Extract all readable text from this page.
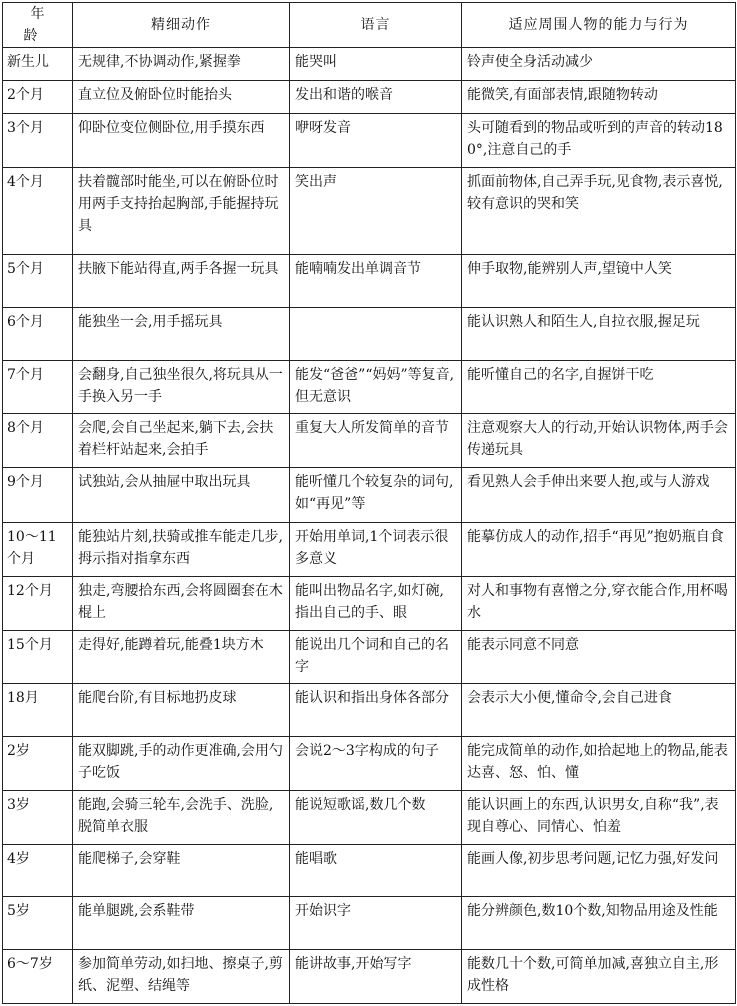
年龄	精细动作	语言	适应周围人物的能力与行为
新生儿	无规律,不协调动作,紧握拳	能哭叫	铃声使全身活动减少
2个月	直立位及俯卧位时能抬头	发出和谐的喉音	能微笑,有面部表情,跟随物转动
3个月	仰卧位变位侧卧位,用手摸东西	咿呀发音	头可随看到的物品或听到的声音的转动180°,注意自己的手
4个月	扶着髋部时能坐,可以在俯卧位时用两手支持抬起胸部,手能握持玩具	笑出声	抓面前物体,自己弄手玩,见食物,表示喜悦,较有意识的哭和笑
5个月	扶腋下能站得直,两手各握一玩具	能喃喃发出单调音节	伸手取物,能辨别人声,望镜中人笑
6个月	能独坐一会,用手摇玩具		能认识熟人和陌生人,自拉衣服,握足玩
7个月	会翻身,自己独坐很久,将玩具从一手换入另一手	能发“爸爸”“妈妈”等复音,但无意识	能听懂自己的名字,自握饼干吃
8个月	会爬,会自己坐起来,躺下去,会扶着栏杆站起来,会拍手	重复大人所发简单的音节	注意观察大人的行动,开始认识物体,两手会传递玩具
9个月	试独站,会从抽屉中取出玩具	能听懂几个较复杂的词句,如“再见”等	看见熟人会手伸出来要人抱,或与人游戏
10～11个月	能独站片刻,扶骑或推车能走几步,拇示指对指拿东西	开始用单词,1个词表示很多意义	能摹仿成人的动作,招手“再见”抱奶瓶自食
12个月	独走,弯腰拾东西,会将圆圈套在木棍上	能叫出物品名字,如灯碗,指出自己的手、眼	对人和事物有喜憎之分,穿衣能合作,用杯喝水
15个月	走得好,能蹲着玩,能叠1块方木	能说出几个词和自己的名字	能表示同意不同意
18月	能爬台阶,有目标地扔皮球	能认识和指出身体各部分	会表示大小便,懂命令,会自己进食
2岁	能双脚跳,手的动作更准确,会用勺子吃饭	会说2～3字构成的句子	能完成简单的动作,如拾起地上的物品,能表达喜、怒、怕、懂
3岁	能跑,会骑三轮车,会洗手、洗脸,脱简单衣服	能说短歌谣,数几个数	能认识画上的东西,认识男女,自称“我”,表现自尊心、同情心、怕羞
4岁	能爬梯子,会穿鞋	能唱歌	能画人像,初步思考问题,记忆力强,好发问
5岁	能单腿跳,会系鞋带	开始识字	能分辨颜色,数10个数,知物品用途及性能
6～7岁	参加简单劳动,如扫地、擦桌子,剪纸、泥塑、结绳等	能讲故事,开始写字	能数几十个数,可简单加减,喜独立自主,形成性格
